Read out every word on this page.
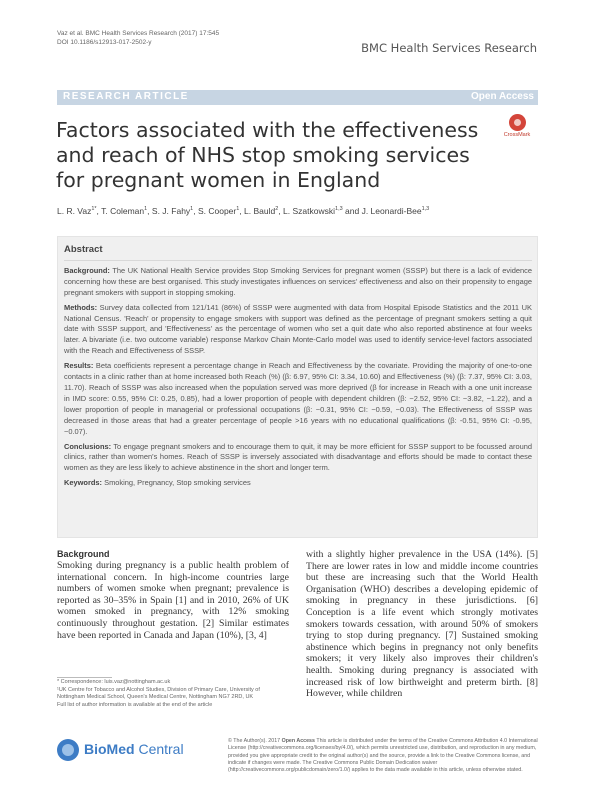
Vaz et al. BMC Health Services Research (2017) 17:545
DOI 10.1186/s12913-017-2502-y	BMC Health Services Research
RESEARCH ARTICLE	Open Access
Factors associated with the effectiveness and reach of NHS stop smoking services for pregnant women in England
CrossMark
L. R. Vaz$^{1*}$, T. Coleman$^1$, S. J. Fahy$^1$, S. Cooper$^1$, L. Bauld$^2$, L. Szatkowski$^{1,3}$ and J. Leonardi-Bee$^{1,3}$
Abstract

Background: The UK National Health Service provides Stop Smoking Services for pregnant women (SSSP) but there is a lack of evidence concerning how these are best organised. This study investigates influences on services' effectiveness and also on their propensity to engage pregnant smokers with support in stopping smoking.

Methods: Survey data collected from 121/141 (86%) of SSSP were augmented with data from Hospital Episode Statistics and the 2011 UK National Census. 'Reach' or propensity to engage smokers with support was defined as the percentage of pregnant smokers setting a quit date with SSSP support, and 'Effectiveness' as the percentage of women who set a quit date who also reported abstinence at four weeks later. A bivariate (i.e. two outcome variable) response Markov Chain Monte-Carlo model was used to identify service-level factors associated with the Reach and Effectiveness of SSSP.

Results: Beta coefficients represent a percentage change in Reach and Effectiveness by the covariate. Providing the majority of one-to-one contacts in a clinic rather than at home increased both Reach (%) (β: 6.97, 95% CI: 3.34, 10.60) and Effectiveness (%) (β: 7.37, 95% CI: 3.03, 11.70). Reach of SSSP was also increased when the population served was more deprived (β for increase in Reach with a one unit increase in IMD score: 0.55, 95% CI: 0.25, 0.85), had a lower proportion of people with dependent children (β: −2.52, 95% CI: −3.82, −1.22), and a lower proportion of people in managerial or professional occupations (β: −0.31, 95% CI: −0.59, −0.03). The Effectiveness of SSSP was decreased in those areas that had a greater percentage of people >16 years with no educational qualifications (β: -0.51, 95% CI: -0.95, −0.07).

Conclusions: To engage pregnant smokers and to encourage them to quit, it may be more efficient for SSSP support to be focussed around clinics, rather than women's homes. Reach of SSSP is inversely associated with disadvantage and efforts should be made to contact these women as they are less likely to achieve abstinence in the short and longer term.

Keywords: Smoking, Pregnancy, Stop smoking services

Background

Smoking during pregnancy is a public health problem of international concern. In high-income countries large numbers of women smoke when pregnant; prevalence is reported as 30–35% in Spain [1] and in 2010, 26% of UK women smoked in pregnancy, with 12% smoking continuously throughout gestation. [2] Similar estimates have been reported in Canada and Japan (10%), [3, 4]

with a slightly higher prevalence in the USA (14%). [5] There are lower rates in low and middle income countries but these are increasing such that the World Health Organisation (WHO) describes a developing epidemic of smoking in pregnancy in these jurisdictions. [6] Conception is a life event which strongly motivates smokers towards cessation, with around 50% of smokers trying to stop during pregnancy. [7] Sustained smoking abstinence which begins in pregnancy not only benefits smokers; it very likely also improves their children's health. Smoking during pregnancy is associated with increased risk of low birthweight and preterm birth. [8] However, while children

* Correspondence: luis.vaz@nottingham.ac.uk

¹UK Centre for Tobacco and Alcohol Studies, Division of Primary Care, University of Nottingham Medical School, Queen's Medical Centre, Nottingham NG7 2RD, UK

Full list of author information is available at the end of the article

BioMed Central	© The Author(s). 2017 Open Access This article is distributed under the terms of the Creative Commons Attribution 4.0 International License (http://creativecommons.org/licenses/by/4.0/), which permits unrestricted use, distribution, and reproduction in any medium, provided you give appropriate credit to the original author(s) and the source, provide a link to the Creative Commons license, and indicate if changes were made. The Creative Commons Public Domain Dedication waiver (http://creativecommons.org/publicdomain/zero/1.0/) applies to the data made available in this article, unless otherwise stated.
